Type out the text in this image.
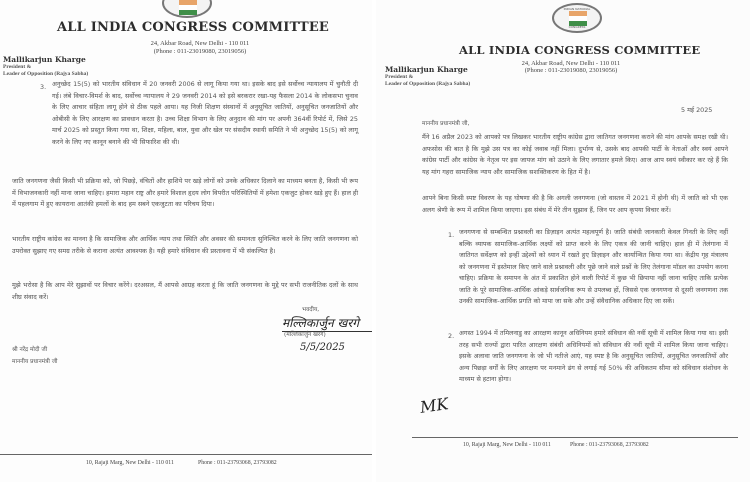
ALL INDIA CONGRESS COMMITTEE
24, Akbar Road, New Delhi - 110 011
(Phone : 011-23019080, 23019056)
Mallikarjun Kharge
President &
Leader of Opposition (Rajya Sabha)
3. अनुच्छेद 15(5) को भारतीय संविधान में 20 जनवरी 2006 से लागू किया गया था। इसके बाद इसे सर्वोच्च न्यायालय में चुनौती दी गई। लंबे विचार-विमर्श के बाद, सर्वोच्च न्यायालय ने 29 जनवरी 2014 को इसे बरकरार रखा-यह फैसला 2014 के लोकसभा चुनाव के लिए आचार संहिता लागू होने से ठीक पहले आया। यह निजी शिक्षण संस्थानों में अनुसूचित जातियों, अनुसूचित जनजातियों और ओबीसी के लिए आरक्षण का प्रावधान करता है। उच्च शिक्षा विभाग के लिए अनुदान की मांग पर अपनी 364वीं रिपोर्ट में, जिसे 25 मार्च 2025 को प्रस्तुत किया गया था, शिक्षा, महिला, बाल, युवा और खेल पर संसदीय स्थायी समिति ने भी अनुच्छेद 15(5) को लागू करने के लिए नए कानून बनाने की भी सिफारिश की थी।
जाति जनगणना जैसी किसी भी प्रक्रिया को, जो पिछड़े, वंचितों और हाशिये पर खड़े लोगों को उनके अधिकार दिलाने का माध्यम बनता है, किसी भी रूप में विभाजनकारी नहीं माना जाना चाहिए। हमारा महान राष्ट्र और हमारे विशाल हृदय लोग विपरीत परिस्थितियों में हमेशा एकजुट होकर खड़े हुए हैं। हाल ही में पहलगाम में हुए कायराना आतंकी हमलों के बाद हम सबने एकजुटता का परिचय दिया।
भारतीय राष्ट्रीय कांग्रेस का मानना है कि सामाजिक और आर्थिक न्याय तथा स्थिति और अवसर की समानता सुनिश्चित करने के लिए जाति जनगणना को उपरोक्त सुझाए गए समग्र तरीके से कराना अत्यंत आवश्यक है। यही हमारे संविधान की प्रस्तावना में भी संकल्पित है।
मुझे भरोसा है कि आप मेरे सुझावों पर विचार करेंगे। दरअसल, मैं आपसे आग्रह करता हूं कि जाति जनगणना के मुद्दे पर सभी राजनीतिक दलों के साथ शीघ्र संवाद करें।
भवदीय,
मल्लिकार्जुन खरगे
(मल्लिकार्जुन खरगे)
5/5/2025
श्री नरेंद्र मोदी जी
माननीय प्रधानमंत्री जी
10, Rajaji Marg, New Delhi - 110 011	Phone : 011-23793068, 23793082
INDIAN NATIONAL
CONGRESS
ALL INDIA CONGRESS COMMITTEE
24, Akbar Road, New Delhi - 110 011
(Phone : 011-23019080, 23019056)
Mallikarjun Kharge
President &
Leader of Opposition (Rajya Sabha)
5 मई 2025
माननीय प्रधानमंत्री जी,
मैंने 16 अप्रैल 2023 को आपको पत्र लिखकर भारतीय राष्ट्रीय कांग्रेस द्वारा जातिगत जनगणना कराने की मांग आपके समक्ष रखी थी। अफसोस की बात है कि मुझे उस पत्र का कोई जवाब नहीं मिला। दुर्भाग्य से, उसके बाद आपकी पार्टी के नेताओं और स्वयं आपने कांग्रेस पार्टी और कांग्रेस के नेतृत्व पर इस जायज मांग को उठाने के लिए लगातार हमले किए। आज आप स्वयं स्वीकार कर रहे हैं कि यह मांग गहरा सामाजिक न्याय और सामाजिक सशक्तिकरण के हित में है।
आपने बिना किसी स्पष्ट विवरण के यह घोषणा की है कि अगली जनगणना (जो वास्तव में 2021 में होनी थी) में जाति को भी एक अलग श्रेणी के रूप में शामिल किया जाएगा। इस संबंध में मेरे तीन सुझाव हैं, जिन पर आप कृपया विचार करें।
1. जनगणना से सम्बन्धित प्रश्नावली का डिज़ाइन अत्यंत महत्वपूर्ण है। जाति संबंधी जानकारी केवल गिनती के लिए नहीं बल्कि व्यापक सामाजिक-आर्थिक लक्ष्यों को प्राप्त करने के लिए एकत्र की जानी चाहिए। हाल ही में तेलंगाना में जातिगत सर्वेक्षण को इन्हीं उद्देश्यों को ध्यान में रखते हुए डिज़ाइन और कार्यान्वित किया गया था। केंद्रीय गृह मंत्रालय को जनगणना में इस्तेमाल किए जाने वाले प्रश्नावली और पूछे जाने वाले प्रश्नों के लिए तेलंगाना मॉडल का उपयोग करना चाहिए। प्रक्रिया के समापन के अंत में प्रकाशित होने वाली रिपोर्ट में कुछ भी छिपाया नहीं जाना चाहिए ताकि प्रत्येक जाति के पूरे सामाजिक-आर्थिक आंकड़े सार्वजनिक रूप से उपलब्ध हों, जिससे एक जनगणना से दूसरी जनगणना तक उनकी सामाजिक-आर्थिक प्रगति को मापा जा सके और उन्हें संवैधानिक अधिकार दिए जा सकें।
2. अगस्त 1994 में तमिलनाडु का आरक्षण कानून अधिनियम हमारे संविधान की नवीं सूची में शामिल किया गया था। इसी तरह सभी राज्यों द्वारा पारित आरक्षण संबंधी अधिनियमों को संविधान की नवीं सूची में शामिल किया जाना चाहिए। इसके अलावा जाति जनगणना के जो भी नतीजे आएं, यह स्पष्ट है कि अनुसूचित जातियों, अनुसूचित जनजातियों और अन्य पिछड़ा वर्गों के लिए आरक्षण पर मनमाने ढंग से लगाई गई 50% की अधिकतम सीमा को संविधान संशोधन के माध्यम से हटाना होगा।
MK
10, Rajaji Marg, New Delhi - 110 011	Phone : 011-23793068, 23793082
